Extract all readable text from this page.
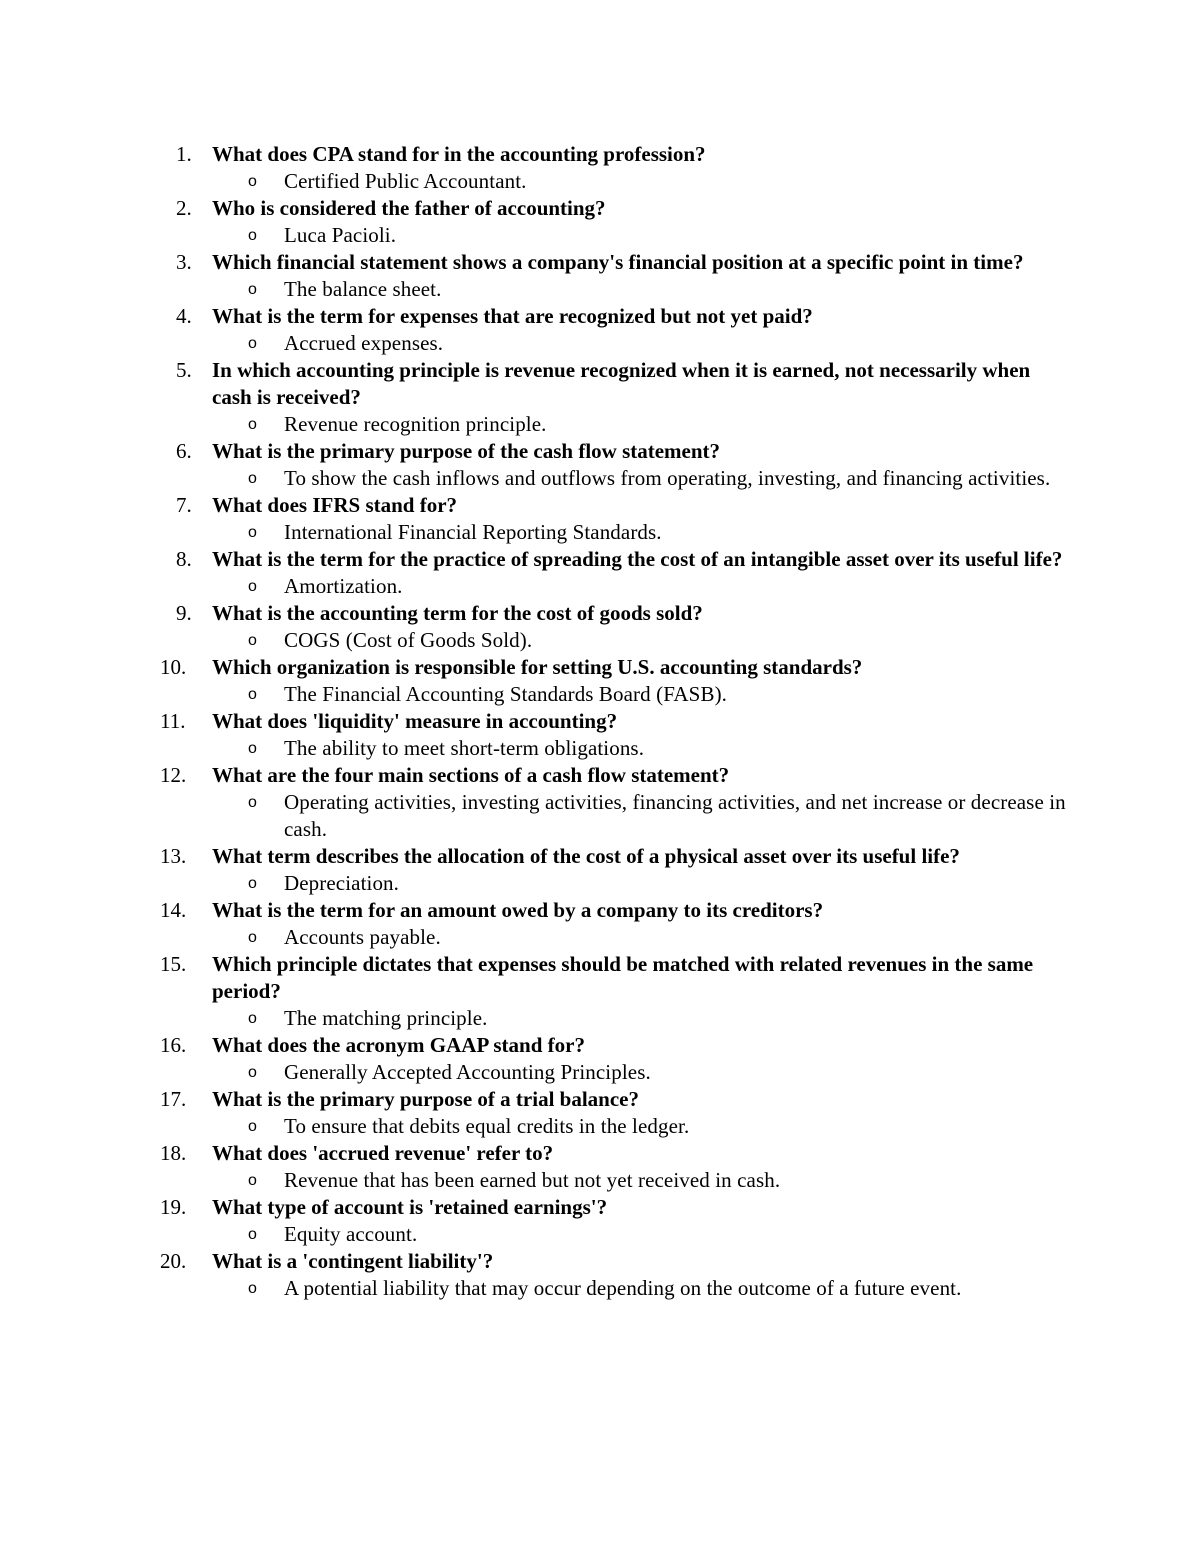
1. What does CPA stand for in the accounting profession?
o	Certified Public Accountant.
2. Who is considered the father of accounting?
o	Luca Pacioli.
3. Which financial statement shows a company's financial position at a specific point in time?
o	The balance sheet.
4. What is the term for expenses that are recognized but not yet paid?
o	Accrued expenses.
5. In which accounting principle is revenue recognized when it is earned, not necessarily when cash is received?
o	Revenue recognition principle.
6. What is the primary purpose of the cash flow statement?
o	To show the cash inflows and outflows from operating, investing, and financing activities.
7. What does IFRS stand for?
o	International Financial Reporting Standards.
8. What is the term for the practice of spreading the cost of an intangible asset over its useful life?
o	Amortization.
9. What is the accounting term for the cost of goods sold?
o	COGS (Cost of Goods Sold).
10.	Which organization is responsible for setting U.S. accounting standards?
o	The Financial Accounting Standards Board (FASB).
11.	What does 'liquidity' measure in accounting?
o	The ability to meet short-term obligations.
12.	What are the four main sections of a cash flow statement?
o	Operating activities, investing activities, financing activities, and net increase or decrease in cash.
13.	What term describes the allocation of the cost of a physical asset over its useful life?
o	Depreciation.
14.	What is the term for an amount owed by a company to its creditors?
o	Accounts payable.
15.	Which principle dictates that expenses should be matched with related revenues in the same period?
o	The matching principle.
16.	What does the acronym GAAP stand for?
o	Generally Accepted Accounting Principles.
17.	What is the primary purpose of a trial balance?
o	To ensure that debits equal credits in the ledger.
18.	What does 'accrued revenue' refer to?
o	Revenue that has been earned but not yet received in cash.
19.	What type of account is 'retained earnings'?
o	Equity account.
20.	What is a 'contingent liability'?
o	A potential liability that may occur depending on the outcome of a future event.
